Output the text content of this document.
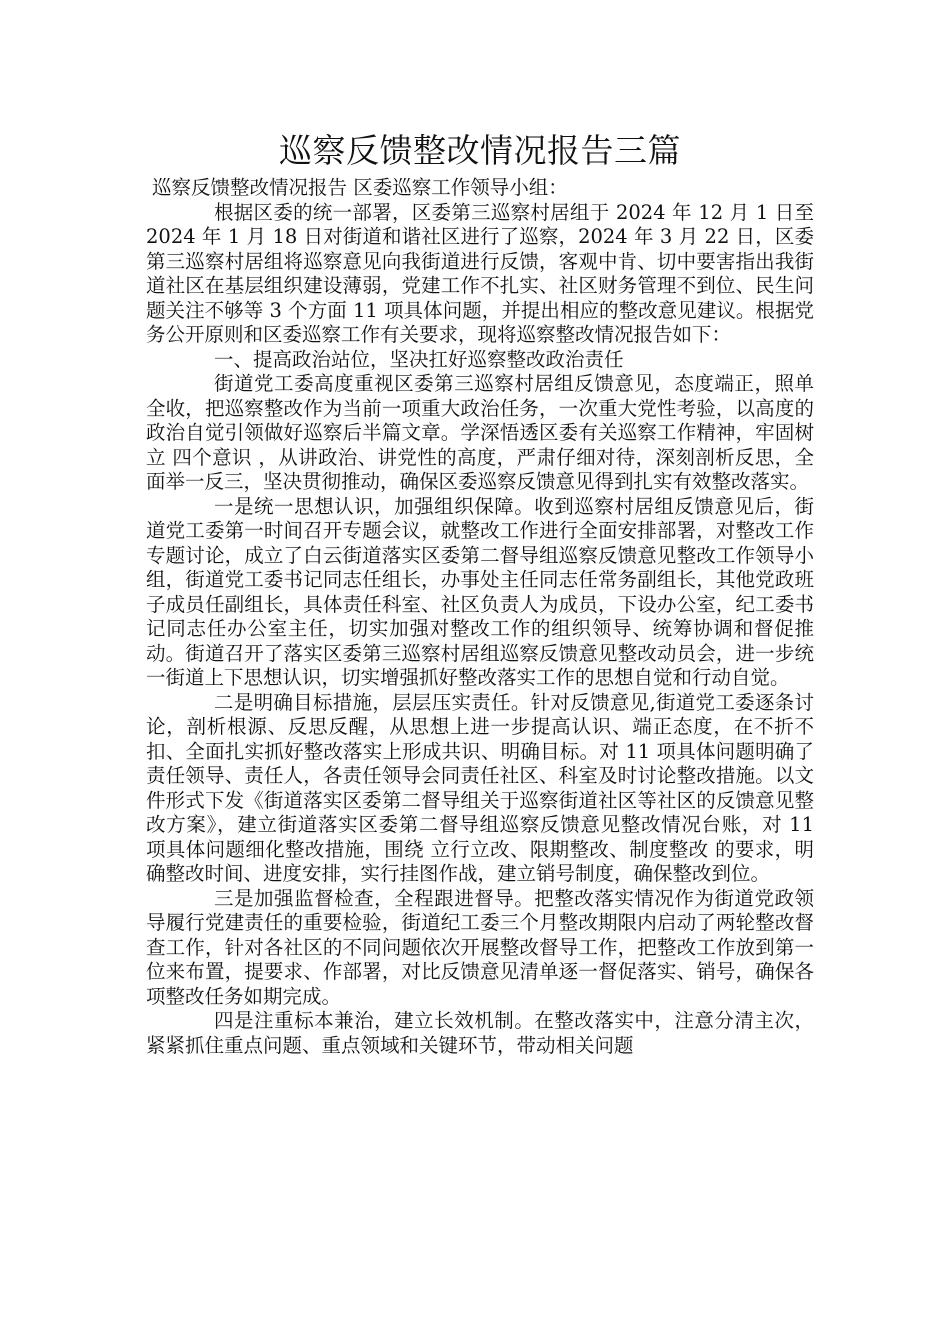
巡察反馈整改情况报告三篇

巡察反馈整改情况报告 区委巡察工作领导小组：

根据区委的统一部署，区委第三巡察村居组于 2024 年 12 月 1 日至 2024 年 1 月 18 日对街道和谐社区进行了巡察，2024 年 3 月 22 日，区委第三巡察村居组将巡察意见向我街道进行反馈，客观中肯、切中要害指出我街道社区在基层组织建设薄弱，党建工作不扎实、社区财务管理不到位、民生问题关注不够等 3 个方面 11 项具体问题，并提出相应的整改意见建议。根据党务公开原则和区委巡察工作有关要求，现将巡察整改情况报告如下：

一、提高政治站位，坚决扛好巡察整改政治责任

街道党工委高度重视区委第三巡察村居组反馈意见，态度端正，照单全收，把巡察整改作为当前一项重大政治任务，一次重大党性考验，以高度的政治自觉引领做好巡察后半篇文章。学深悟透区委有关巡察工作精神，牢固树立 四个意识 ，从讲政治、讲党性的高度，严肃仔细对待，深刻剖析反思，全面举一反三，坚决贯彻推动，确保区委巡察反馈意见得到扎实有效整改落实。

一是统一思想认识，加强组织保障。收到巡察村居组反馈意见后，街道党工委第一时间召开专题会议，就整改工作进行全面安排部署，对整改工作专题讨论，成立了白云街道落实区委第二督导组巡察反馈意见整改工作领导小组，街道党工委书记同志任组长，办事处主任同志任常务副组长，其他党政班子成员任副组长，具体责任科室、社区负责人为成员，下设办公室，纪工委书记同志任办公室主任，切实加强对整改工作的组织领导、统筹协调和督促推动。街道召开了落实区委第三巡察村居组巡察反馈意见整改动员会，进一步统一街道上下思想认识，切实增强抓好整改落实工作的思想自觉和行动自觉。

二是明确目标措施，层层压实责任。针对反馈意见,街道党工委逐条讨论，剖析根源、反思反醒，从思想上进一步提高认识、端正态度，在不折不扣、全面扎实抓好整改落实上形成共识、明确目标。对 11 项具体问题明确了责任领导、责任人，各责任领导会同责任社区、科室及时讨论整改措施。以文件形式下发《街道落实区委第二督导组关于巡察街道社区等社区的反馈意见整改方案》，建立街道落实区委第二督导组巡察反馈意见整改情况台账，对 11 项具体问题细化整改措施，围绕 立行立改、限期整改、制度整改 的要求，明确整改时间、进度安排，实行挂图作战，建立销号制度，确保整改到位。

三是加强监督检查，全程跟进督导。把整改落实情况作为街道党政领导履行党建责任的重要检验，街道纪工委三个月整改期限内启动了两轮整改督查工作，针对各社区的不同问题依次开展整改督导工作，把整改工作放到第一位来布置，提要求、作部署，对比反馈意见清单逐一督促落实、销号，确保各项整改任务如期完成。

四是注重标本兼治，建立长效机制。在整改落实中，注意分清主次，紧紧抓住重点问题、重点领域和关键环节，带动相关问题
